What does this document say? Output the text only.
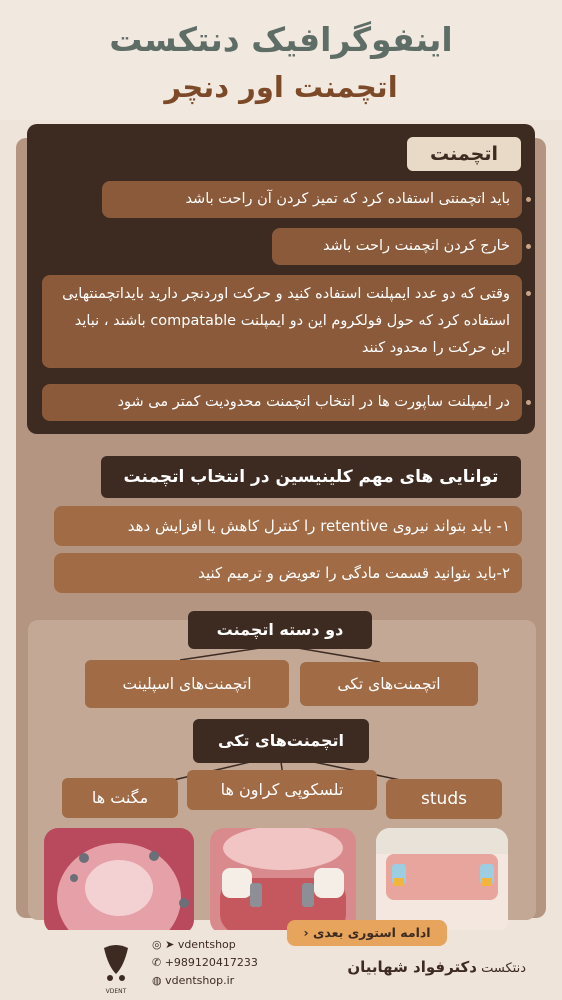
اینفوگرافیک دنتکست
اتچمنت اور دنچر
اتچمنت
باید اتچمنتی استفاده کرد که تمیز کردن آن راحت باشد
خارج کردن اتچمنت راحت باشد
وقتی که دو عدد ایمپلنت استفاده کنید و حرکت اوردنچر دارید بایداتچمنتهایی استفاده کرد که حول فولکروم این دو ایمپلنت compatable باشند ، نباید این حرکت را محدود کنند
در ایمپلنت ساپورت ها در انتخاب اتچمنت محدودیت کمتر می شود
توانایی های مهم کلینیسین در انتخاب اتچمنت
۱- باید بتواند نیروی retentive را کنترل کاهش یا افزایش دهد
۲-باید بتوانید قسمت مادگی را تعویض و ترمیم کنید
دو دسته اتچمنت
اتچمنت‌های تکی
اتچمنت‌های اسپلینت
اتچمنت‌های تکی
studs
تلسکوپی کراون ها
مگنت ها
ادامه استوری بعدی ‹
دنتکست دکترفواد شهابیان
VDENT
◎ ➤ vdentshop
✆ +989120417233
◍ vdentshop.ir
